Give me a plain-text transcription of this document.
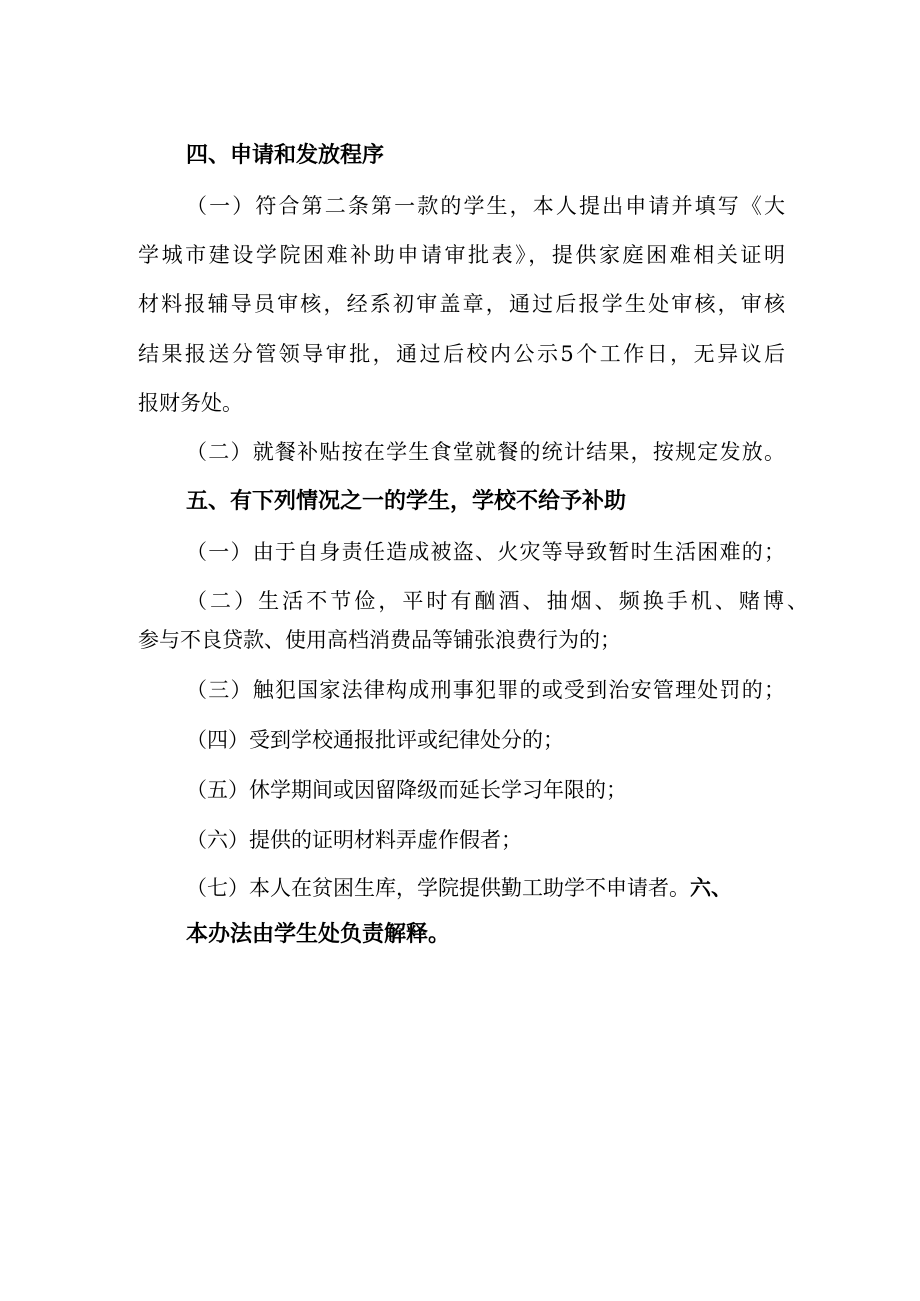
四、申请和发放程序
（一）符合第二条第一款的学生，本人提出申请并填写《大
学城市建设学院困难补助申请审批表》，提供家庭困难相关证明
材料报辅导员审核，经系初审盖章，通过后报学生处审核，审核
结果报送分管领导审批，通过后校内公示5个工作日，无异议后
报财务处。
（二）就餐补贴按在学生食堂就餐的统计结果，按规定发放。
五、有下列情况之一的学生，学校不给予补助
（一）由于自身责任造成被盗、火灾等导致暂时生活困难的；
（二）生活不节俭，平时有酗酒、抽烟、频换手机、赌博、
参与不良贷款、使用高档消费品等铺张浪费行为的；
（三）触犯国家法律构成刑事犯罪的或受到治安管理处罚的；
（四）受到学校通报批评或纪律处分的；
（五）休学期间或因留降级而延长学习年限的；
（六）提供的证明材料弄虚作假者；
（七）本人在贫困生库，学院提供勤工助学不申请者。六、
本办法由学生处负责解释。
